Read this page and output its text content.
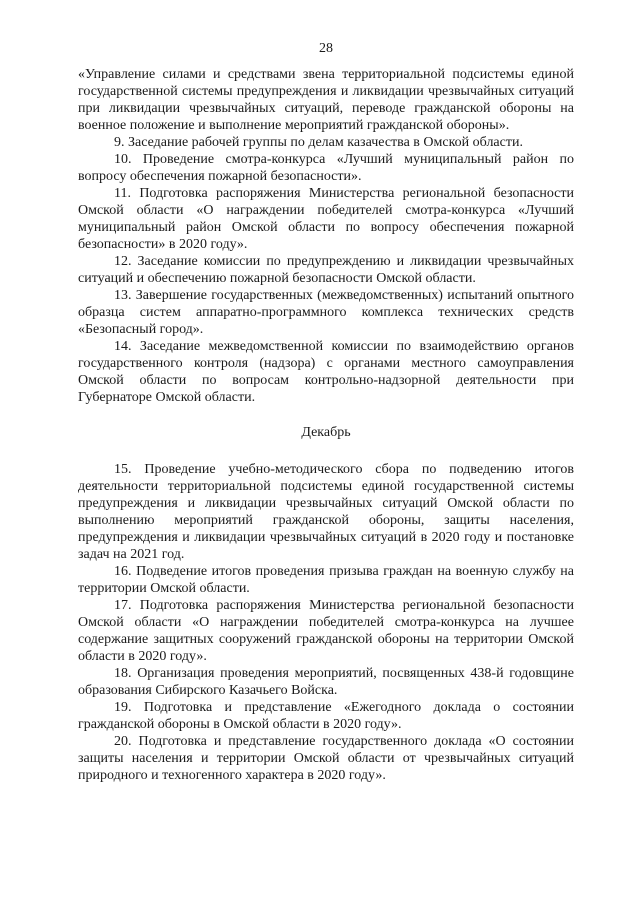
28

«Управление силами и средствами звена территориальной подсистемы единой государственной системы предупреждения и ликвидации чрезвычайных ситуаций при ликвидации чрезвычайных ситуаций, переводе гражданской обороны на военное положение и выполнение мероприятий гражданской обороны».

9. Заседание рабочей группы по делам казачества в Омской области.

10. Проведение смотра-конкурса «Лучший муниципальный район по вопросу обеспечения пожарной безопасности».

11. Подготовка распоряжения Министерства региональной безопасности Омской области «О награждении победителей смотра-конкурса «Лучший муниципальный район Омской области по вопросу обеспечения пожарной безопасности» в 2020 году».

12. Заседание комиссии по предупреждению и ликвидации чрезвычайных ситуаций и обеспечению пожарной безопасности Омской области.

13. Завершение государственных (межведомственных) испытаний опытного образца систем аппаратно-программного комплекса технических средств «Безопасный город».

14. Заседание межведомственной комиссии по взаимодействию органов государственного контроля (надзора) с органами местного самоуправления Омской области по вопросам контрольно-надзорной деятельности при Губернаторе Омской области.

Декабрь

15. Проведение учебно-методического сбора по подведению итогов деятельности территориальной подсистемы единой государственной системы предупреждения и ликвидации чрезвычайных ситуаций Омской области по выполнению мероприятий гражданской обороны, защиты населения, предупреждения и ликвидации чрезвычайных ситуаций в 2020 году и постановке задач на 2021 год.

16. Подведение итогов проведения призыва граждан на военную службу на территории Омской области.

17. Подготовка распоряжения Министерства региональной безопасности Омской области «О награждении победителей смотра-конкурса на лучшее содержание защитных сооружений гражданской обороны на территории Омской области в 2020 году».

18. Организация проведения мероприятий, посвященных 438-й годовщине образования Сибирского Казачьего Войска.

19. Подготовка и представление «Ежегодного доклада о состоянии гражданской обороны в Омской области в 2020 году».

20. Подготовка и представление государственного доклада «О состоянии защиты населения и территории Омской области от чрезвычайных ситуаций природного и техногенного характера в 2020 году».
